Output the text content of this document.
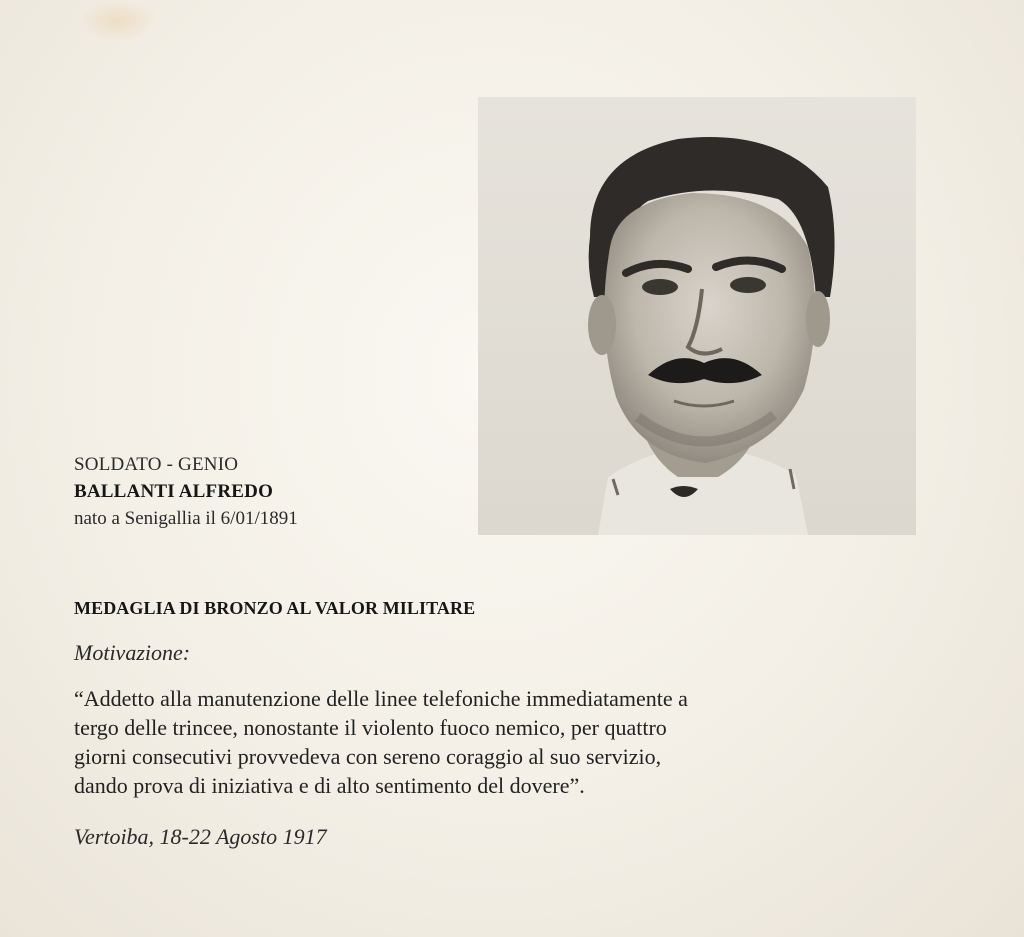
SOLDATO - GENIO
BALLANTI ALFREDO
nato a Senigallia il 6/01/1891
MEDAGLIA DI BRONZO AL VALOR MILITARE
Motivazione:

“Addetto alla manutenzione delle linee telefoniche immediatamente a

tergo delle trincee, nonostante il violento fuoco nemico, per quattro

giorni consecutivi provvedeva con sereno coraggio al suo servizio,

dando prova di iniziativa e di alto sentimento del dovere”.

Vertoiba, 18-22 Agosto 1917
